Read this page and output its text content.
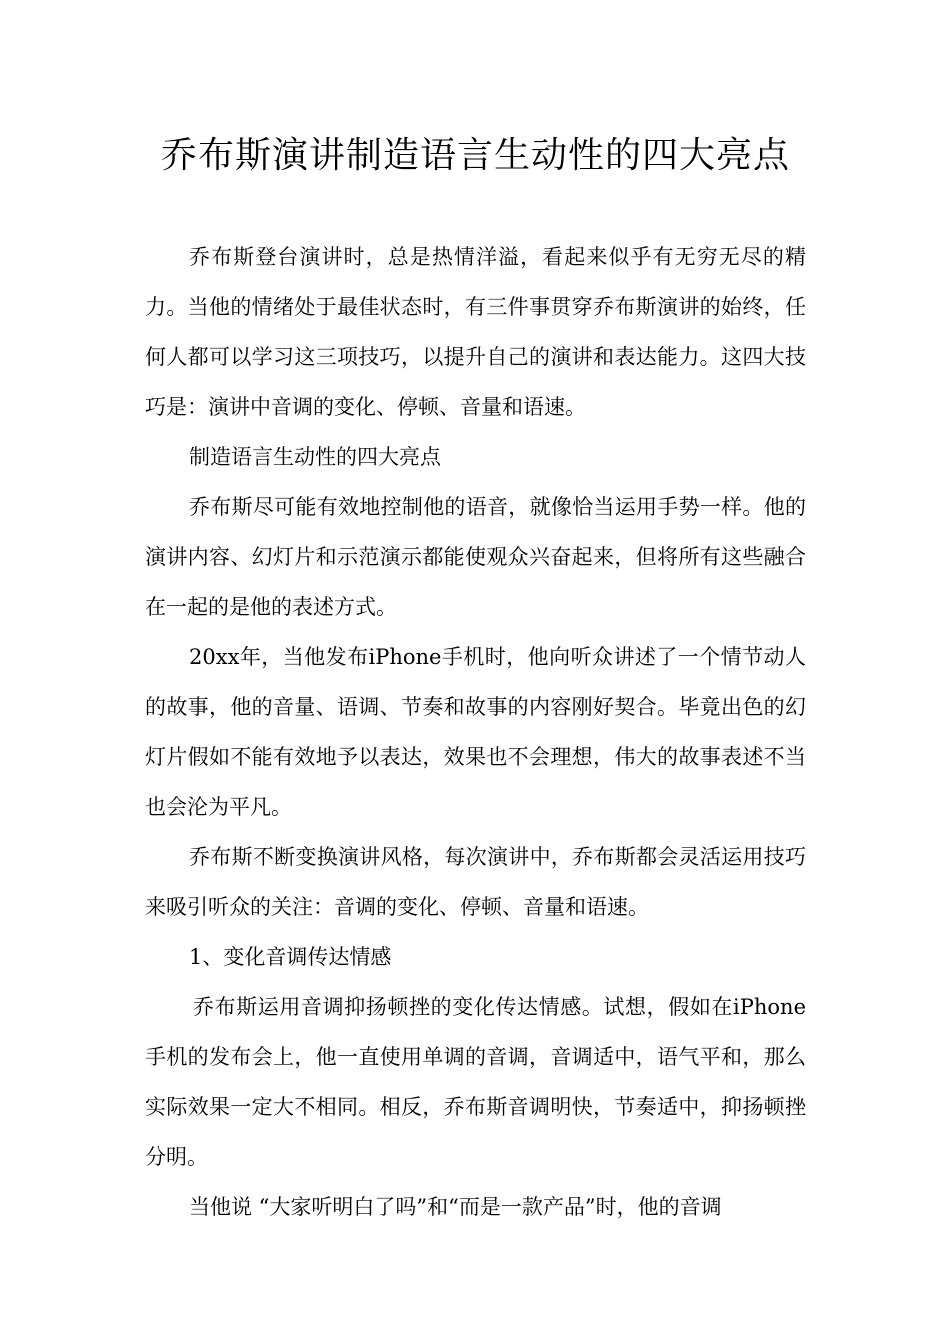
乔布斯演讲制造语言生动性的四大亮点

乔布斯登台演讲时，总是热情洋溢，看起来似乎有无穷无尽的精力。当他的情绪处于最佳状态时，有三件事贯穿乔布斯演讲的始终，任何人都可以学习这三项技巧，以提升自己的演讲和表达能力。这四大技巧是：演讲中音调的变化、停顿、音量和语速。

制造语言生动性的四大亮点

乔布斯尽可能有效地控制他的语音，就像恰当运用手势一样。他的演讲内容、幻灯片和示范演示都能使观众兴奋起来，但将所有这些融合在一起的是他的表述方式。

20xx年，当他发布iPhone手机时，他向听众讲述了一个情节动人的故事，他的音量、语调、节奏和故事的内容刚好契合。毕竟出色的幻灯片假如不能有效地予以表达，效果也不会理想，伟大的故事表述不当也会沦为平凡。

乔布斯不断变换演讲风格，每次演讲中，乔布斯都会灵活运用技巧来吸引听众的关注：音调的变化、停顿、音量和语速。

1、变化音调传达情感

乔布斯运用音调抑扬顿挫的变化传达情感。试想，假如在iPhone手机的发布会上，他一直使用单调的音调，音调适中，语气平和，那么实际效果一定大不相同。相反，乔布斯音调明快，节奏适中，抑扬顿挫分明。

当他说 “大家听明白了吗”和“而是一款产品”时，他的音调
